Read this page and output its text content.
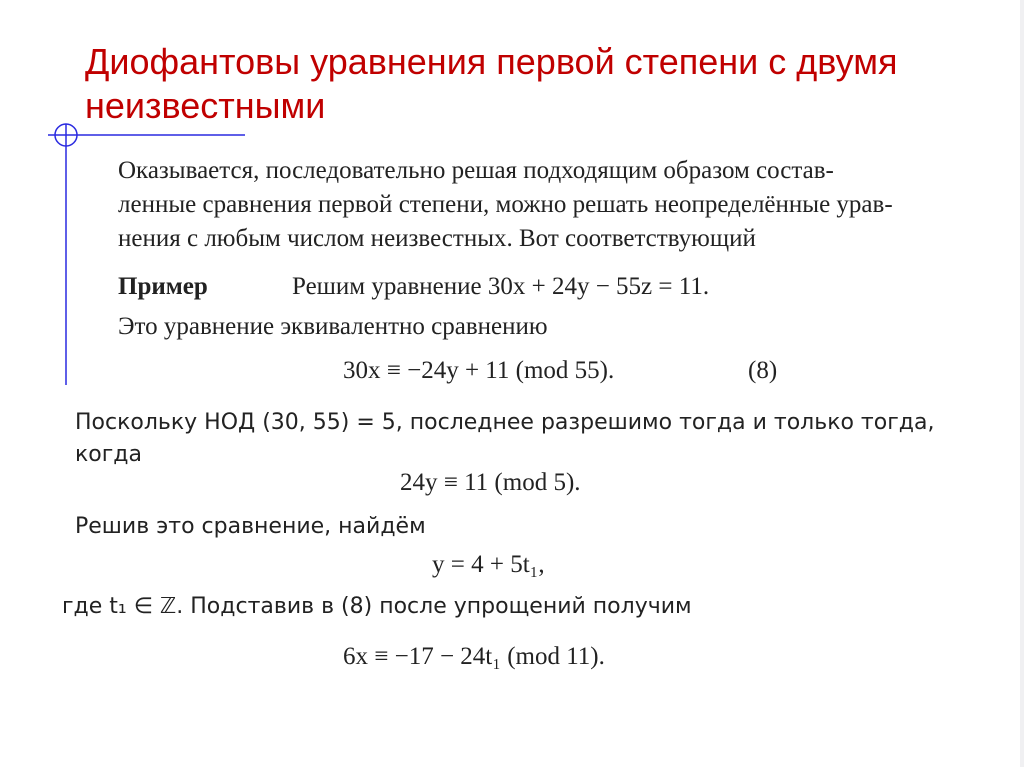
Диофантовы уравнения первой степени с двумя неизвестными
Оказывается, последовательно решая подходящим образом состав-
ленные сравнения первой степени, можно решать неопределённые урав-
нения с любым числом неизвестных. Вот соответствующий
Пример	Решим уравнение 30x + 24y − 55z = 11.
Это уравнение эквивалентно сравнению
30x ≡ −24y + 11 (mod 55).	(8)
Поскольку НОД (30, 55) = 5, последнее разрешимо тогда и только тогда,
когда
24y ≡ 11 (mod 5).
Решив это сравнение, найдём
y = 4 + 5t₁,
где t₁ ∈ ℤ. Подставив в (8) после упрощений получим
6x ≡ −17 − 24t₁ (mod 11).
